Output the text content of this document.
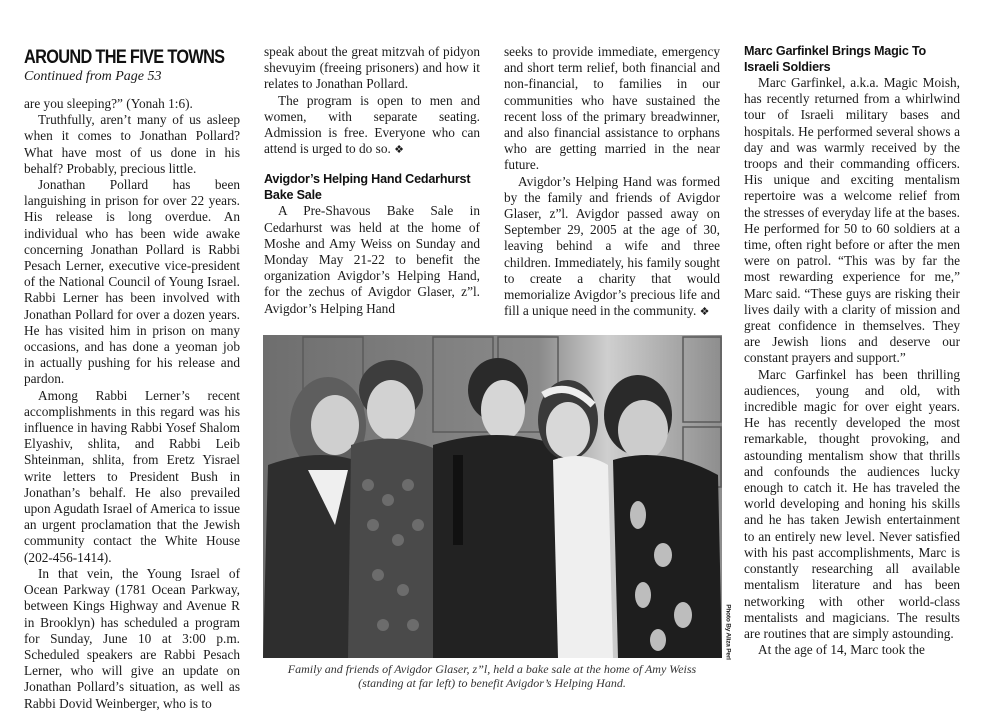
AROUND THE FIVE TOWNS
Continued from Page 53

are you sleeping?” (Yonah 1:6).

Truthfully, aren’t many of us asleep when it comes to Jonathan Pollard? What have most of us done in his behalf? Probably, precious little.

Jonathan Pollard has been languishing in prison for over 22 years. His release is long overdue. An individual who has been wide awake concerning Jonathan Pollard is Rabbi Pesach Lerner, executive vice-president of the National Council of Young Israel. Rabbi Lerner has been involved with Jonathan Pollard for over a dozen years. He has visited him in prison on many occasions, and has done a yeoman job in actually pushing for his release and pardon.

Among Rabbi Lerner’s recent accomplishments in this regard was his influence in having Rabbi Yosef Shalom Elyashiv, shlita, and Rabbi Leib Shteinman, shlita, from Eretz Yisrael write letters to President Bush in Jonathan’s behalf. He also prevailed upon Agudath Israel of America to issue an urgent proclamation that the Jewish community contact the White House (202-456-1414).

In that vein, the Young Israel of Ocean Parkway (1781 Ocean Parkway, between Kings Highway and Avenue R in Brooklyn) has scheduled a program for Sunday, June 10 at 3:00 p.m. Scheduled speakers are Rabbi Pesach Lerner, who will give an update on Jonathan Pollard’s situation, as well as Rabbi Dovid Weinberger, who is to

speak about the great mitzvah of pidyon shevuyim (freeing prisoners) and how it relates to Jonathan Pollard.

The program is open to men and women, with separate seating. Admission is free. Everyone who can attend is urged to do so. ❖

Avigdor’s Helping Hand Cedarhurst Bake Sale

A Pre-Shavous Bake Sale in Cedarhurst was held at the home of Moshe and Amy Weiss on Sunday and Monday May 21-22 to benefit the organization Avigdor’s Helping Hand, for the zechus of Avigdor Glaser, z”l. Avigdor’s Helping Hand

seeks to provide immediate, emergency and short term relief, both financial and non-financial, to families in our communities who have sustained the recent loss of the primary breadwinner, and also financial assistance to orphans who are getting married in the near future.

Avigdor’s Helping Hand was formed by the family and friends of Avigdor Glaser, z”l. Avigdor passed away on September 29, 2005 at the age of 30, leaving behind a wife and three children. Immediately, his family sought to create a charity that would memorialize Avigdor’s precious life and fill a unique need in the community. ❖

Marc Garfinkel Brings Magic To Israeli Soldiers

Marc Garfinkel, a.k.a. Magic Moish, has recently returned from a whirlwind tour of Israeli military bases and hospitals. He performed several shows a day and was warmly received by the troops and their commanding officers. His unique and exciting mentalism repertoire was a welcome relief from the stresses of everyday life at the bases. He performed for 50 to 60 soldiers at a time, often right before or after the men were on patrol. “This was by far the most rewarding experience for me,” Marc said. “These guys are risking their lives daily with a clarity of mission and great confidence in themselves. They are Jewish lions and deserve our constant prayers and support.”

Marc Garfinkel has been thrilling audiences, young and old, with incredible magic for over eight years. He has recently developed the most remarkable, thought provoking, and astounding mentalism show that thrills and confounds the audiences lucky enough to catch it. He has traveled the world developing and honing his skills and he has taken Jewish entertainment to an entirely new level. Never satisfied with his past accomplishments, Marc is constantly researching all available mentalism literature and has been networking with other world-class mentalists and magicians. The results are routines that are simply astounding.

At the age of 14, Marc took the

Photo By Aliza Perl
Family and friends of Avigdor Glaser, z”l, held a bake sale at the home of Amy Weiss (standing at far left) to benefit Avigdor’s Helping Hand.
